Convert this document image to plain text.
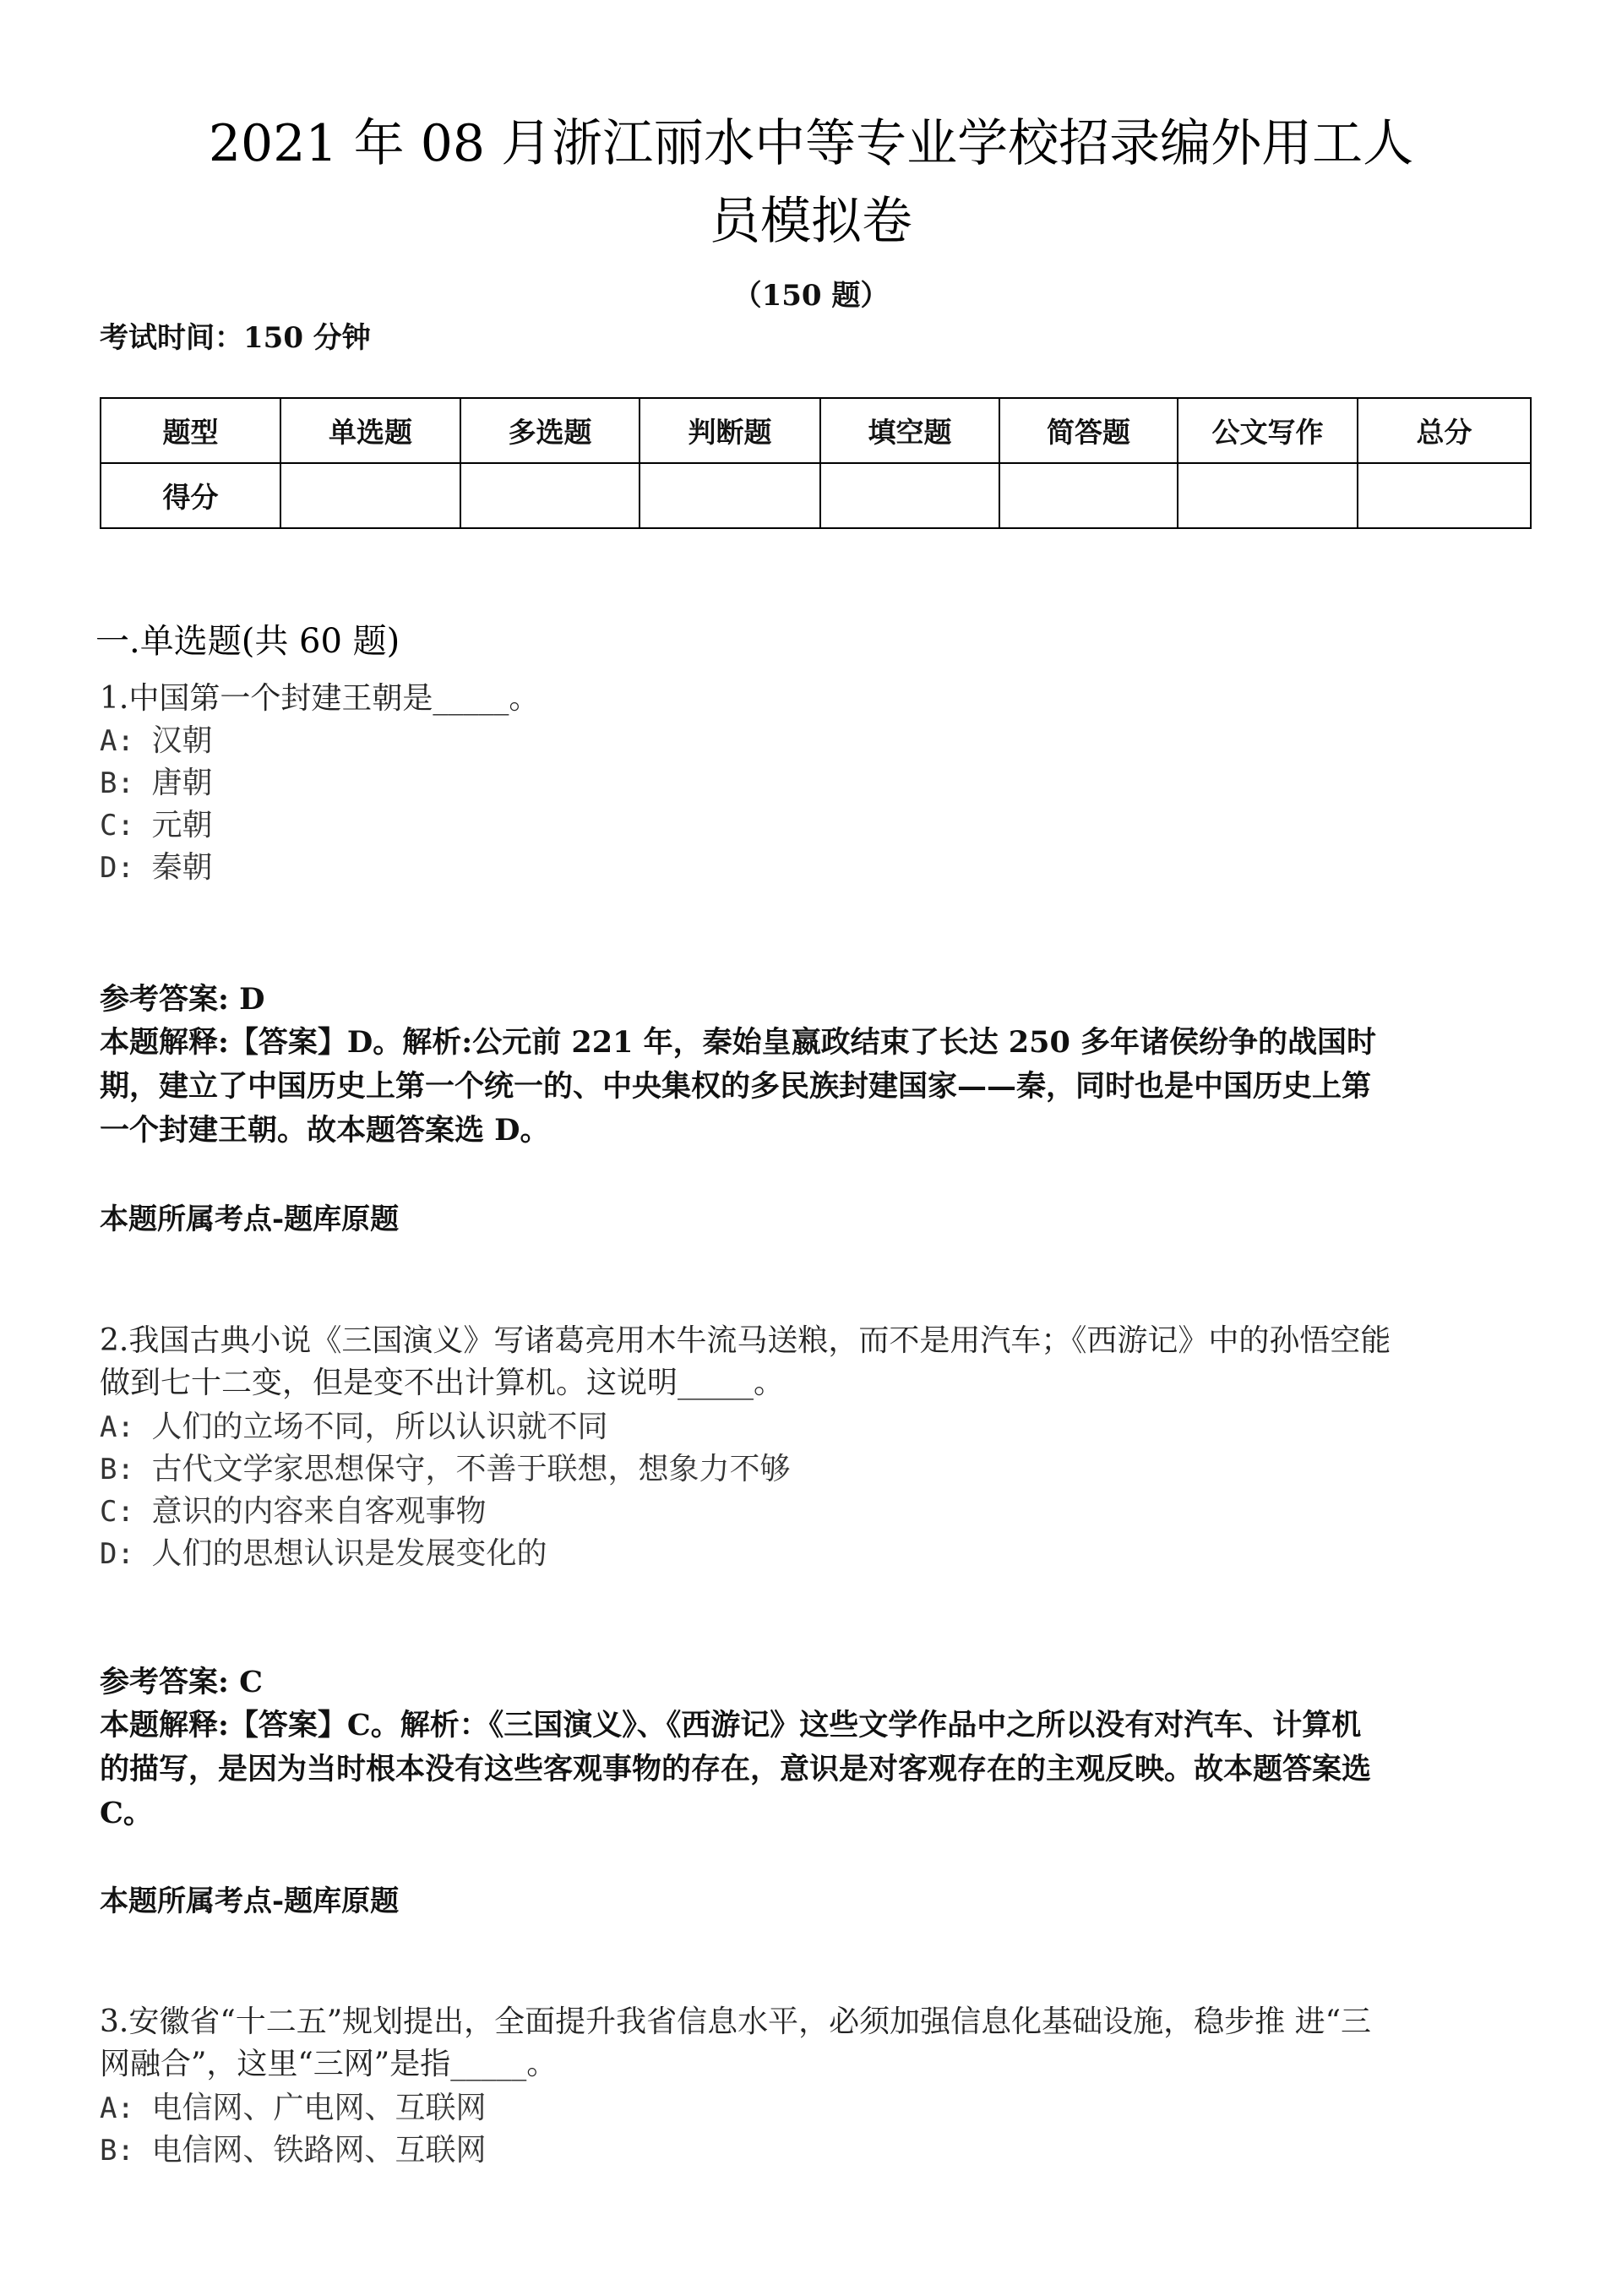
2021 年 08 月浙江丽水中等专业学校招录编外用工人
员模拟卷
（150 题）
考试时间：150 分钟
题型	单选题	多选题	判断题	填空题	简答题	公文写作	总分
得分							
一.单选题(共 60 题)
1.中国第一个封建王朝是_____。
A: 汉朝
B: 唐朝
C: 元朝
D: 秦朝
参考答案: D
本题解释:【答案】D。解析:公元前 221 年，秦始皇嬴政结束了长达 250 多年诸侯纷争的战国时
期，建立了中国历史上第一个统一的、中央集权的多民族封建国家——秦，同时也是中国历史上第
一个封建王朝。故本题答案选 D。
本题所属考点-题库原题
2.我国古典小说《三国演义》写诸葛亮用木牛流马送粮，而不是用汽车；《西游记》中的孙悟空能
做到七十二变，但是变不出计算机。这说明_____。
A: 人们的立场不同，所以认识就不同
B: 古代文学家思想保守，不善于联想，想象力不够
C: 意识的内容来自客观事物
D: 人们的思想认识是发展变化的
参考答案: C
本题解释:【答案】C。解析：《三国演义》、《西游记》这些文学作品中之所以没有对汽车、计算机
的描写，是因为当时根本没有这些客观事物的存在，意识是对客观存在的主观反映。故本题答案选
C。
本题所属考点-题库原题
3.安徽省“十二五”规划提出，全面提升我省信息水平，必须加强信息化基础设施，稳步推 进“三
网融合”，这里“三网”是指_____。
A: 电信网、广电网、互联网
B: 电信网、铁路网、互联网
